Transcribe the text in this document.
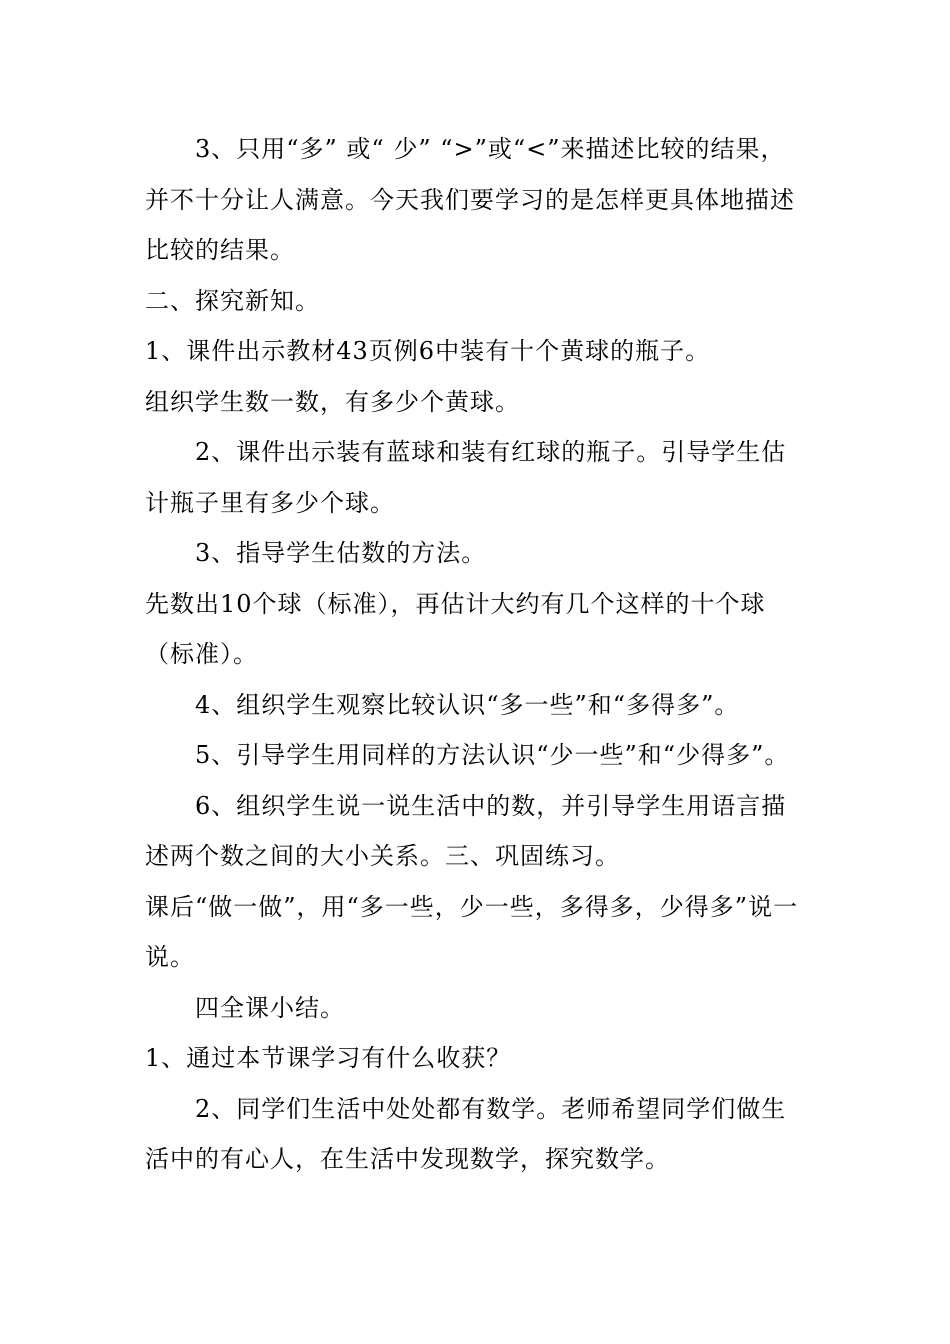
3、只用“多” 或“ 少” “>”或“<”来描述比较的结果，并不十分让人满意。今天我们要学习的是怎样更具体地描述比较的结果。

二、探究新知。

1、课件出示教材43页例6中装有十个黄球的瓶子。

组织学生数一数，有多少个黄球。

2、课件出示装有蓝球和装有红球的瓶子。引导学生估计瓶子里有多少个球。

3、指导学生估数的方法。

先数出10个球（标准），再估计大约有几个这样的十个球（标准）。

4、组织学生观察比较认识“多一些”和“多得多”。

5、引导学生用同样的方法认识“少一些”和“少得多”。

6、组织学生说一说生活中的数，并引导学生用语言描述两个数之间的大小关系。三、巩固练习。

课后“做一做”，用“多一些，少一些，多得多，少得多”说一说。

四全课小结。

1、通过本节课学习有什么收获？

2、同学们生活中处处都有数学。老师希望同学们做生活中的有心人，在生活中发现数学，探究数学。
